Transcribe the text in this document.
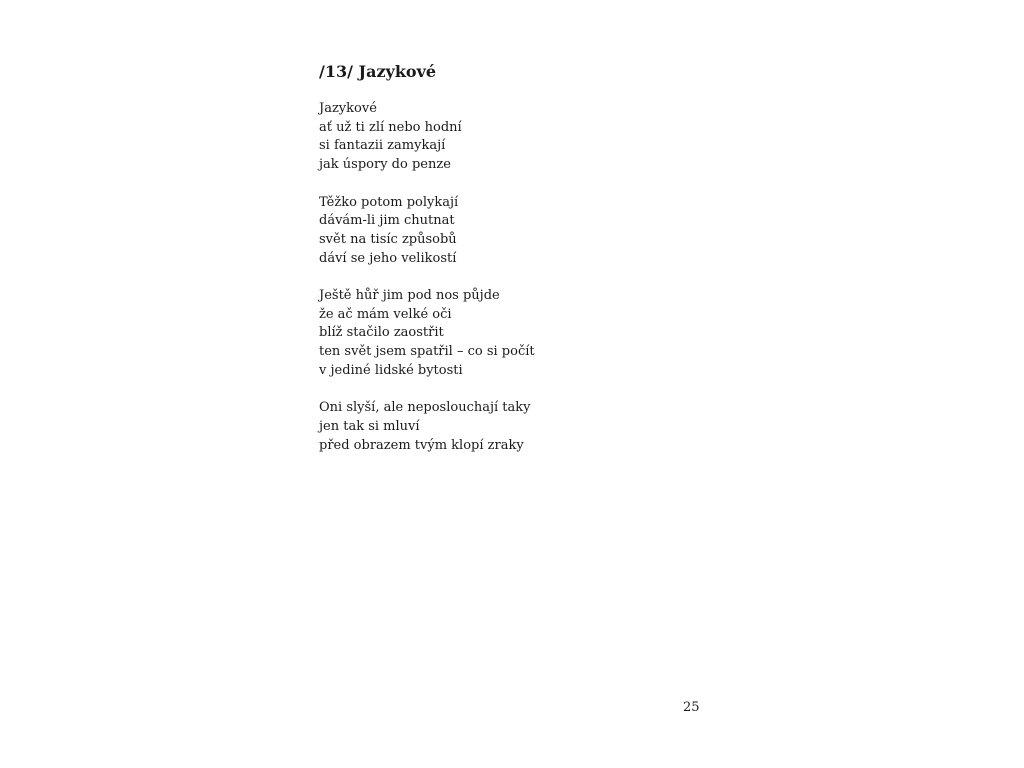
/13/ Jazykové
Jazykové
ať už ti zlí nebo hodní
si fantazii zamykají
jak úspory do penze
Těžko potom polykají
dávám-li jim chutnat
svět na tisíc způsobů
dáví se jeho velikostí
Ještě hůř jim pod nos půjde
že ač mám velké oči
blíž stačilo zaostřit
ten svět jsem spatřil – co si počít
v jediné lidské bytosti
Oni slyší, ale neposlouchají taky
jen tak si mluví
před obrazem tvým klopí zraky
25
